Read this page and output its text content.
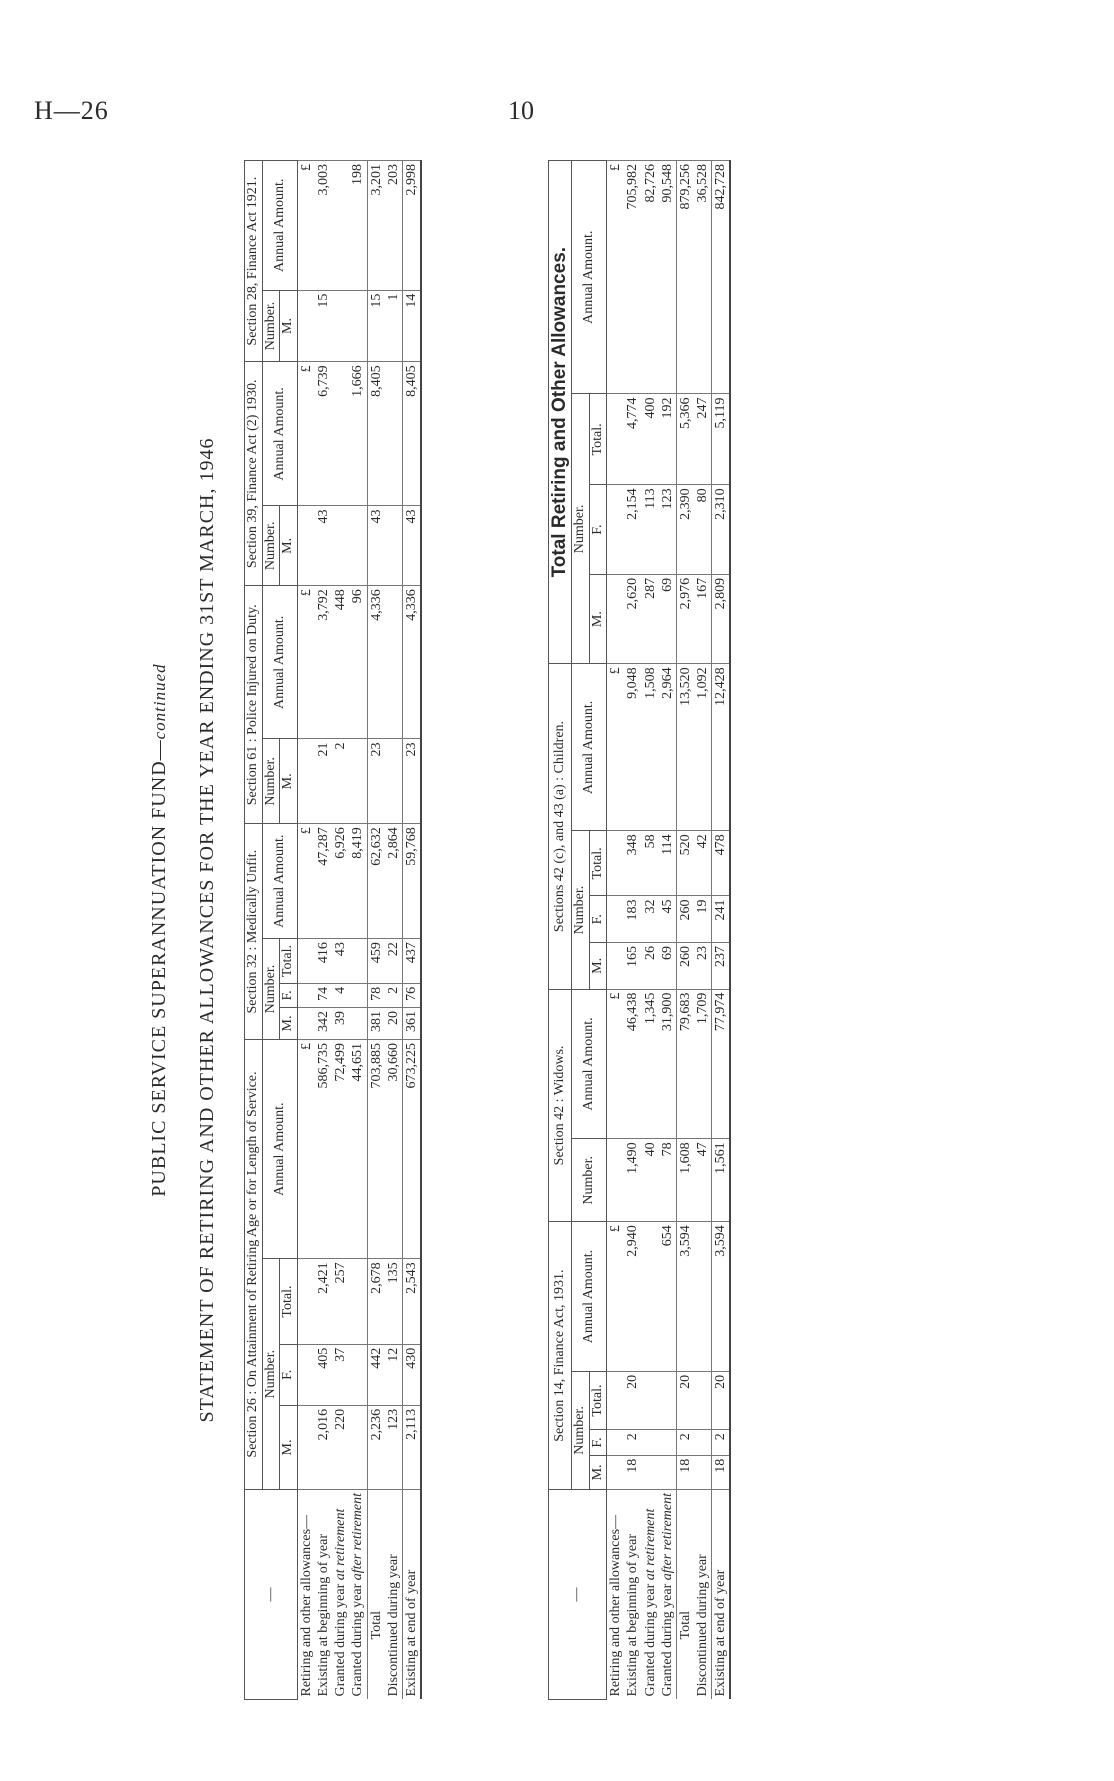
H—26	10
PUBLIC SERVICE SUPERANNUATION FUND—continued STATEMENT OF RETIRING AND OTHER ALLOWANCES FOR THE YEAR ENDING 31ST MARCH, 1946
—	Section 26 : On Attainment of Retiring Age or for Length of Service.				Section 32 : Medically Unfit.				Section 61 : Police Injured on Duty.		Section 39, Finance Act (2) 1930.		Section 28, Finance Act 1921.	
	Number.			Annual Amount.	Number.			Annual Amount.	Number.	Annual Amount.	Number.	Annual Amount.	Number.	Annual Amount.
	M.	F.	Total.		M.	F.	Total.		M.		M.		M.	
Retiring and other allowances—				£				£		£		£		£
Existing at beginning of year	2,016	405	2,421	586,735	342	74	416	47,287	21	3,792	43	6,739	15	3,003
Granted during year at retirement	220	37	257	72,499	39	4	43	6,926	2	448				
Granted during year after retirement				44,651				8,419		96		1,666		198
Total	2,236	442	2,678	703,885	381	78	459	62,632	23	4,336	43	8,405	15	3,201
Discontinued during year	123	12	135	30,660	20	2	22	2,864					1	203
Existing at end of year	2,113	430	2,543	673,225	361	76	437	59,768	23	4,336	43	8,405	14	2,998
—	Section 14, Finance Act, 1931.				Section 42 : Widows.		Sections 42 (c), and 43 (a) : Children.				Total Retiring and Other Allowances.			
	Number.			Annual Amount.	Number.	Annual Amount.	Number.			Annual Amount.	Number.			Annual Amount.
	M.	F.	Total.				M.	F.	Total.		M.	F.	Total.	
Retiring and other allowances—				£		£				£				£
Existing at beginning of year	18	2	20	2,940	1,490	46,438	165	183	348	9,048	2,620	2,154	4,774	705,982
Granted during year at retirement					40	1,345	26	32	58	1,508	287	113	400	82,726
Granted during year after retirement				654	78	31,900	69	45	114	2,964	69	123	192	90,548
Total	18	2	20	3,594	1,608	79,683	260	260	520	13,520	2,976	2,390	5,366	879,256
Discontinued during year					47	1,709	23	19	42	1,092	167	80	247	36,528
Existing at end of year	18	2	20	3,594	1,561	77,974	237	241	478	12,428	2,809	2,310	5,119	842,728
